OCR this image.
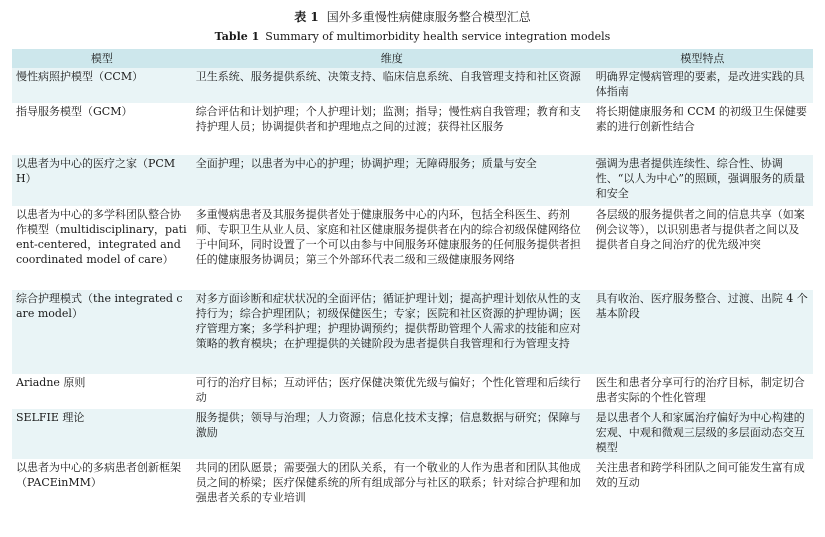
表 1 国外多重慢性病健康服务整合模型汇总
Table 1 Summary of multimorbidity health service integration models
模型	维度	模型特点
慢性病照护模型（CCM）	卫生系统、服务提供系统、决策支持、临床信息系统、自我管理支持和社区资源	明确界定慢病管理的要素，是改进实践的具体指南
指导服务模型（GCM）	综合评估和计划护理；个人护理计划；监测；指导；慢性病自我管理；教育和支持护理人员；协调提供者和护理地点之间的过渡；获得社区服务	将长期健康服务和 CCM 的初级卫生保健要素的进行创新性结合
以患者为中心的医疗之家（PCMH）	全面护理；以患者为中心的护理；协调护理；无障碍服务；质量与安全	强调为患者提供连续性、综合性、协调性、“以人为中心”的照顾，强调服务的质量和安全
以患者为中心的多学科团队整合协作模型（multidisciplinary，patient-centered，integrated and coordinated model of care）	多重慢病患者及其服务提供者处于健康服务中心的内环，包括全科医生、药剂师、专职卫生从业人员、家庭和社区健康服务提供者在内的综合初级保健网络位于中间环，同时设置了一个可以由参与中间服务环健康服务的任何服务提供者担任的健康服务协调员；第三个外部环代表二级和三级健康服务网络	各层级的服务提供者之间的信息共享（如案例会议等），以识别患者与提供者之间以及提供者自身之间治疗的优先级冲突
综合护理模式（the integrated care model）	对多方面诊断和症状状况的全面评估；循证护理计划；提高护理计划依从性的支持行为；综合护理团队；初级保健医生；专家；医院和社区资源的护理协调；医疗管理方案；多学科护理；护理协调预约；提供帮助管理个人需求的技能和应对策略的教育模块；在护理提供的关键阶段为患者提供自我管理和行为管理支持	具有收治、医疗服务整合、过渡、出院 4 个基本阶段
Ariadne 原则	可行的治疗目标；互动评估；医疗保健决策优先级与偏好；个性化管理和后续行动	医生和患者分享可行的治疗目标，制定切合患者实际的个性化管理
SELFIE 理论	服务提供；领导与治理；人力资源；信息化技术支撑；信息数据与研究；保障与激励	是以患者个人和家属治疗偏好为中心构建的宏观、中观和微观三层级的多层面动态交互模型
以患者为中心的多病患者创新框架（PACEinMM）	共同的团队愿景；需要强大的团队关系，有一个敬业的人作为患者和团队其他成员之间的桥梁；医疗保健系统的所有组成部分与社区的联系；针对综合护理和加强患者关系的专业培训	关注患者和跨学科团队之间可能发生富有成效的互动
